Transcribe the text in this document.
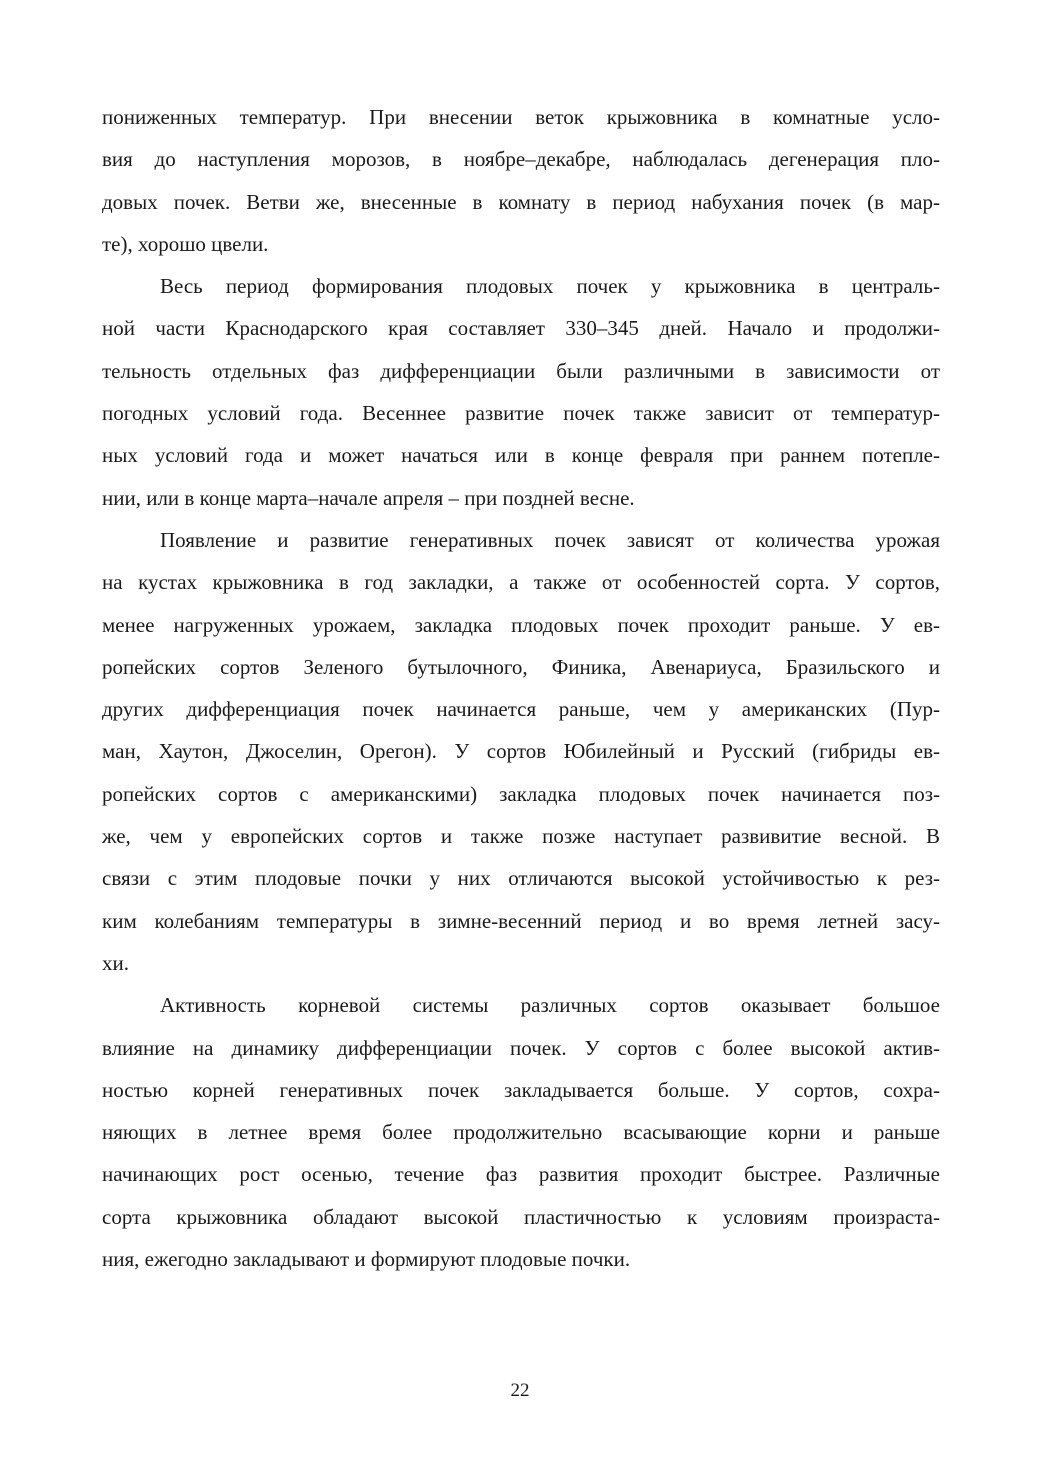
пониженных температур. При внесении веток крыжовника в комнатные усло-
вия до наступления морозов, в ноябре–декабре, наблюдалась дегенерация пло-
довых почек. Ветви же, внесенные в комнату в период набухания почек (в мар-
те), хорошо цвели.
Весь период формирования плодовых почек у крыжовника в централь-
ной части Краснодарского края составляет 330–345 дней. Начало и продолжи-
тельность отдельных фаз дифференциации были различными в зависимости от
погодных условий года. Весеннее развитие почек также зависит от температур-
ных условий года и может начаться или в конце февраля при раннем потепле-
нии, или в конце марта–начале апреля – при поздней весне.
Появление и развитие генеративных почек зависят от количества урожая
на кустах крыжовника в год закладки, а также от особенностей сорта. У сортов,
менее нагруженных урожаем, закладка плодовых почек проходит раньше. У ев-
ропейских сортов Зеленого бутылочного, Финика, Авенариуса, Бразильского и
других дифференциация почек начинается раньше, чем у американских (Пур-
ман, Хаутон, Джоселин, Орегон). У сортов Юбилейный и Русский (гибриды ев-
ропейских сортов с американскими) закладка плодовых почек начинается поз-
же, чем у европейских сортов и также позже наступает развивитие весной. В
связи с этим плодовые почки у них отличаются высокой устойчивостью к рез-
ким колебаниям температуры в зимне-весенний период и во время летней засу-
хи.
Активность корневой системы различных сортов оказывает большое
влияние на динамику дифференциации почек. У сортов с более высокой актив-
ностью корней генеративных почек закладывается больше. У сортов, сохра-
няющих в летнее время более продолжительно всасывающие корни и раньше
начинающих рост осенью, течение фаз развития проходит быстрее. Различные
сорта крыжовника обладают высокой пластичностью к условиям произраста-
ния, ежегодно закладывают и формируют плодовые почки.
22
